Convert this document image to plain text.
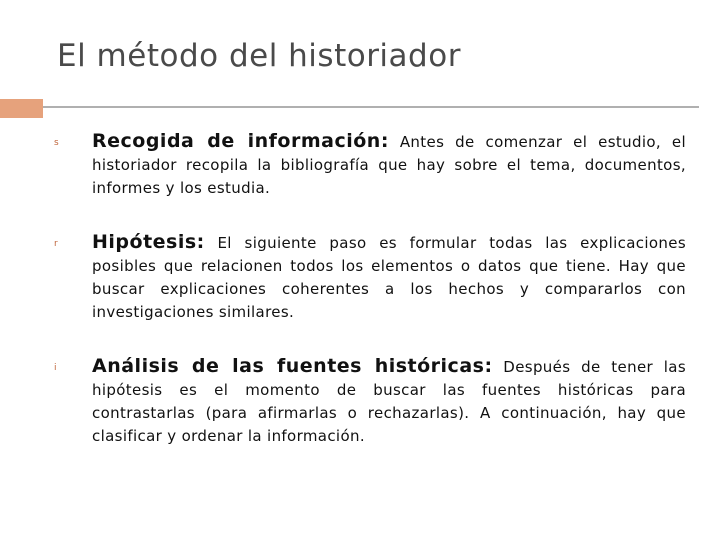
El método del historiador
s Recogida de información: Antes de comenzar el estudio, el historiador recopila la bibliografía que hay sobre el tema, documentos, informes y los estudia.

r Hipótesis: El siguiente paso es formular todas las explicaciones posibles que relacionen todos los elementos o datos que tiene. Hay que buscar explicaciones coherentes a los hechos y compararlos con investigaciones similares.

i Análisis de las fuentes históricas: Después de tener las hipótesis es el momento de buscar las fuentes históricas para contrastarlas (para afirmarlas o rechazarlas). A continuación, hay que clasificar y ordenar la información.
